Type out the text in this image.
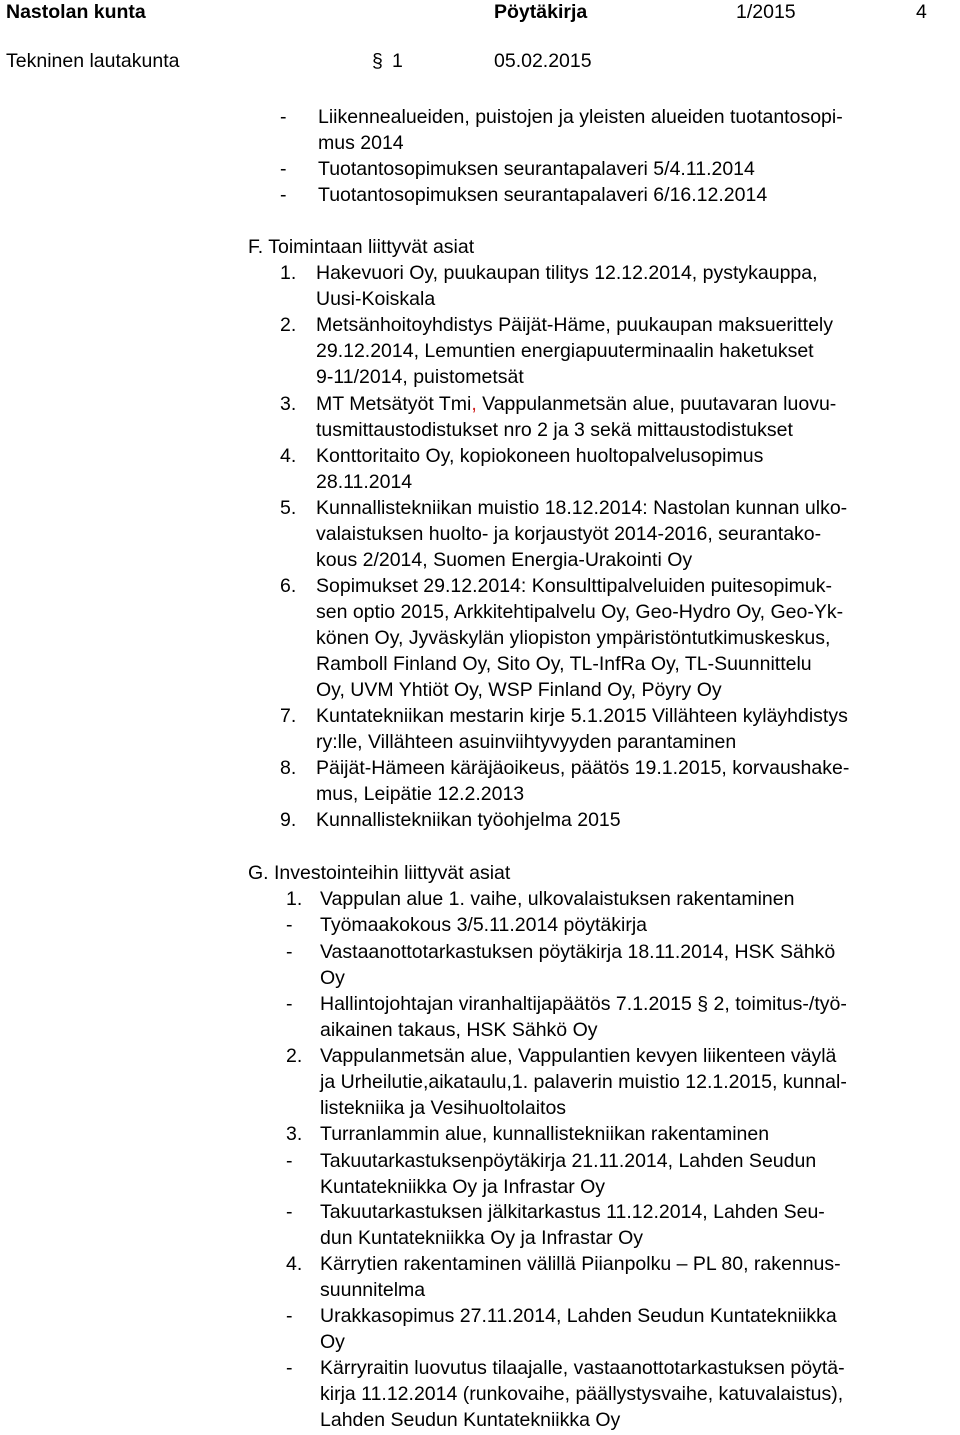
Nastolan kunta	Pöytäkirja	1/2015	4
Tekninen lautakunta	§ 1	05.02.2015
- Liikennealueiden, puistojen ja yleisten alueiden tuotantosopi-
mus 2014
- Tuotantosopimuksen seurantapalaveri 5/4.11.2014
- Tuotantosopimuksen seurantapalaveri 6/16.12.2014
F. Toimintaan liittyvät asiat
1. Hakevuori Oy, puukaupan tilitys 12.12.2014, pystykauppa,
Uusi-Koiskala
2. Metsänhoitoyhdistys Päijät-Häme, puukaupan maksuerittely
29.12.2014, Lemuntien energiapuuterminaalin haketukset
9-11/2014, puistometsät
3. MT Metsätyöt Tmi, Vappulanmetsän alue, puutavaran luovu-
tusmittaustodistukset nro 2 ja 3 sekä mittaustodistukset
4. Konttoritaito Oy, kopiokoneen huoltopalvelusopimus
28.11.2014
5. Kunnallistekniikan muistio 18.12.2014: Nastolan kunnan ulko-
valaistuksen huolto- ja korjaustyöt 2014-2016, seurantako-
kous 2/2014, Suomen Energia-Urakointi Oy
6. Sopimukset 29.12.2014: Konsulttipalveluiden puitesopimuk-
sen optio 2015, Arkkitehtipalvelu Oy, Geo-Hydro Oy, Geo-Yk-
könen Oy, Jyväskylän yliopiston ympäristöntutkimuskeskus,
Ramboll Finland Oy, Sito Oy, TL-InfRa Oy, TL-Suunnittelu
Oy, UVM Yhtiöt Oy, WSP Finland Oy, Pöyry Oy
7. Kuntatekniikan mestarin kirje 5.1.2015 Villähteen kyläyhdistys
ry:lle, Villähteen asuinviihtyvyyden parantaminen
8. Päijät-Hämeen käräjäoikeus, päätös 19.1.2015, korvaushake-
mus, Leipätie 12.2.2013
9. Kunnallistekniikan työohjelma 2015
G. Investointeihin liittyvät asiat
1. Vappulan alue 1. vaihe, ulkovalaistuksen rakentaminen
- Työmaakokous 3/5.11.2014 pöytäkirja
- Vastaanottotarkastuksen pöytäkirja 18.11.2014, HSK Sähkö
Oy
- Hallintojohtajan viranhaltijapäätös 7.1.2015 § 2, toimitus-/työ-
aikainen takaus, HSK Sähkö Oy
2. Vappulanmetsän alue, Vappulantien kevyen liikenteen väylä
ja Urheilutie,aikataulu,1. palaverin muistio 12.1.2015, kunnal-
listekniika ja Vesihuoltolaitos
3. Turranlammin alue, kunnallistekniikan rakentaminen
- Takuutarkastuksenpöytäkirja 21.11.2014, Lahden Seudun
Kuntatekniikka Oy ja Infrastar Oy
- Takuutarkastuksen jälkitarkastus 11.12.2014, Lahden Seu-
dun Kuntatekniikka Oy ja Infrastar Oy
4. Kärrytien rakentaminen välillä Piianpolku – PL 80, rakennus-
suunnitelma
- Urakkasopimus 27.11.2014, Lahden Seudun Kuntatekniikka
Oy
- Kärryraitin luovutus tilaajalle, vastaanottotarkastuksen pöytä-
kirja 11.12.2014 (runkovaihe, päällystysvaihe, katuvalaistus),
Lahden Seudun Kuntatekniikka Oy
